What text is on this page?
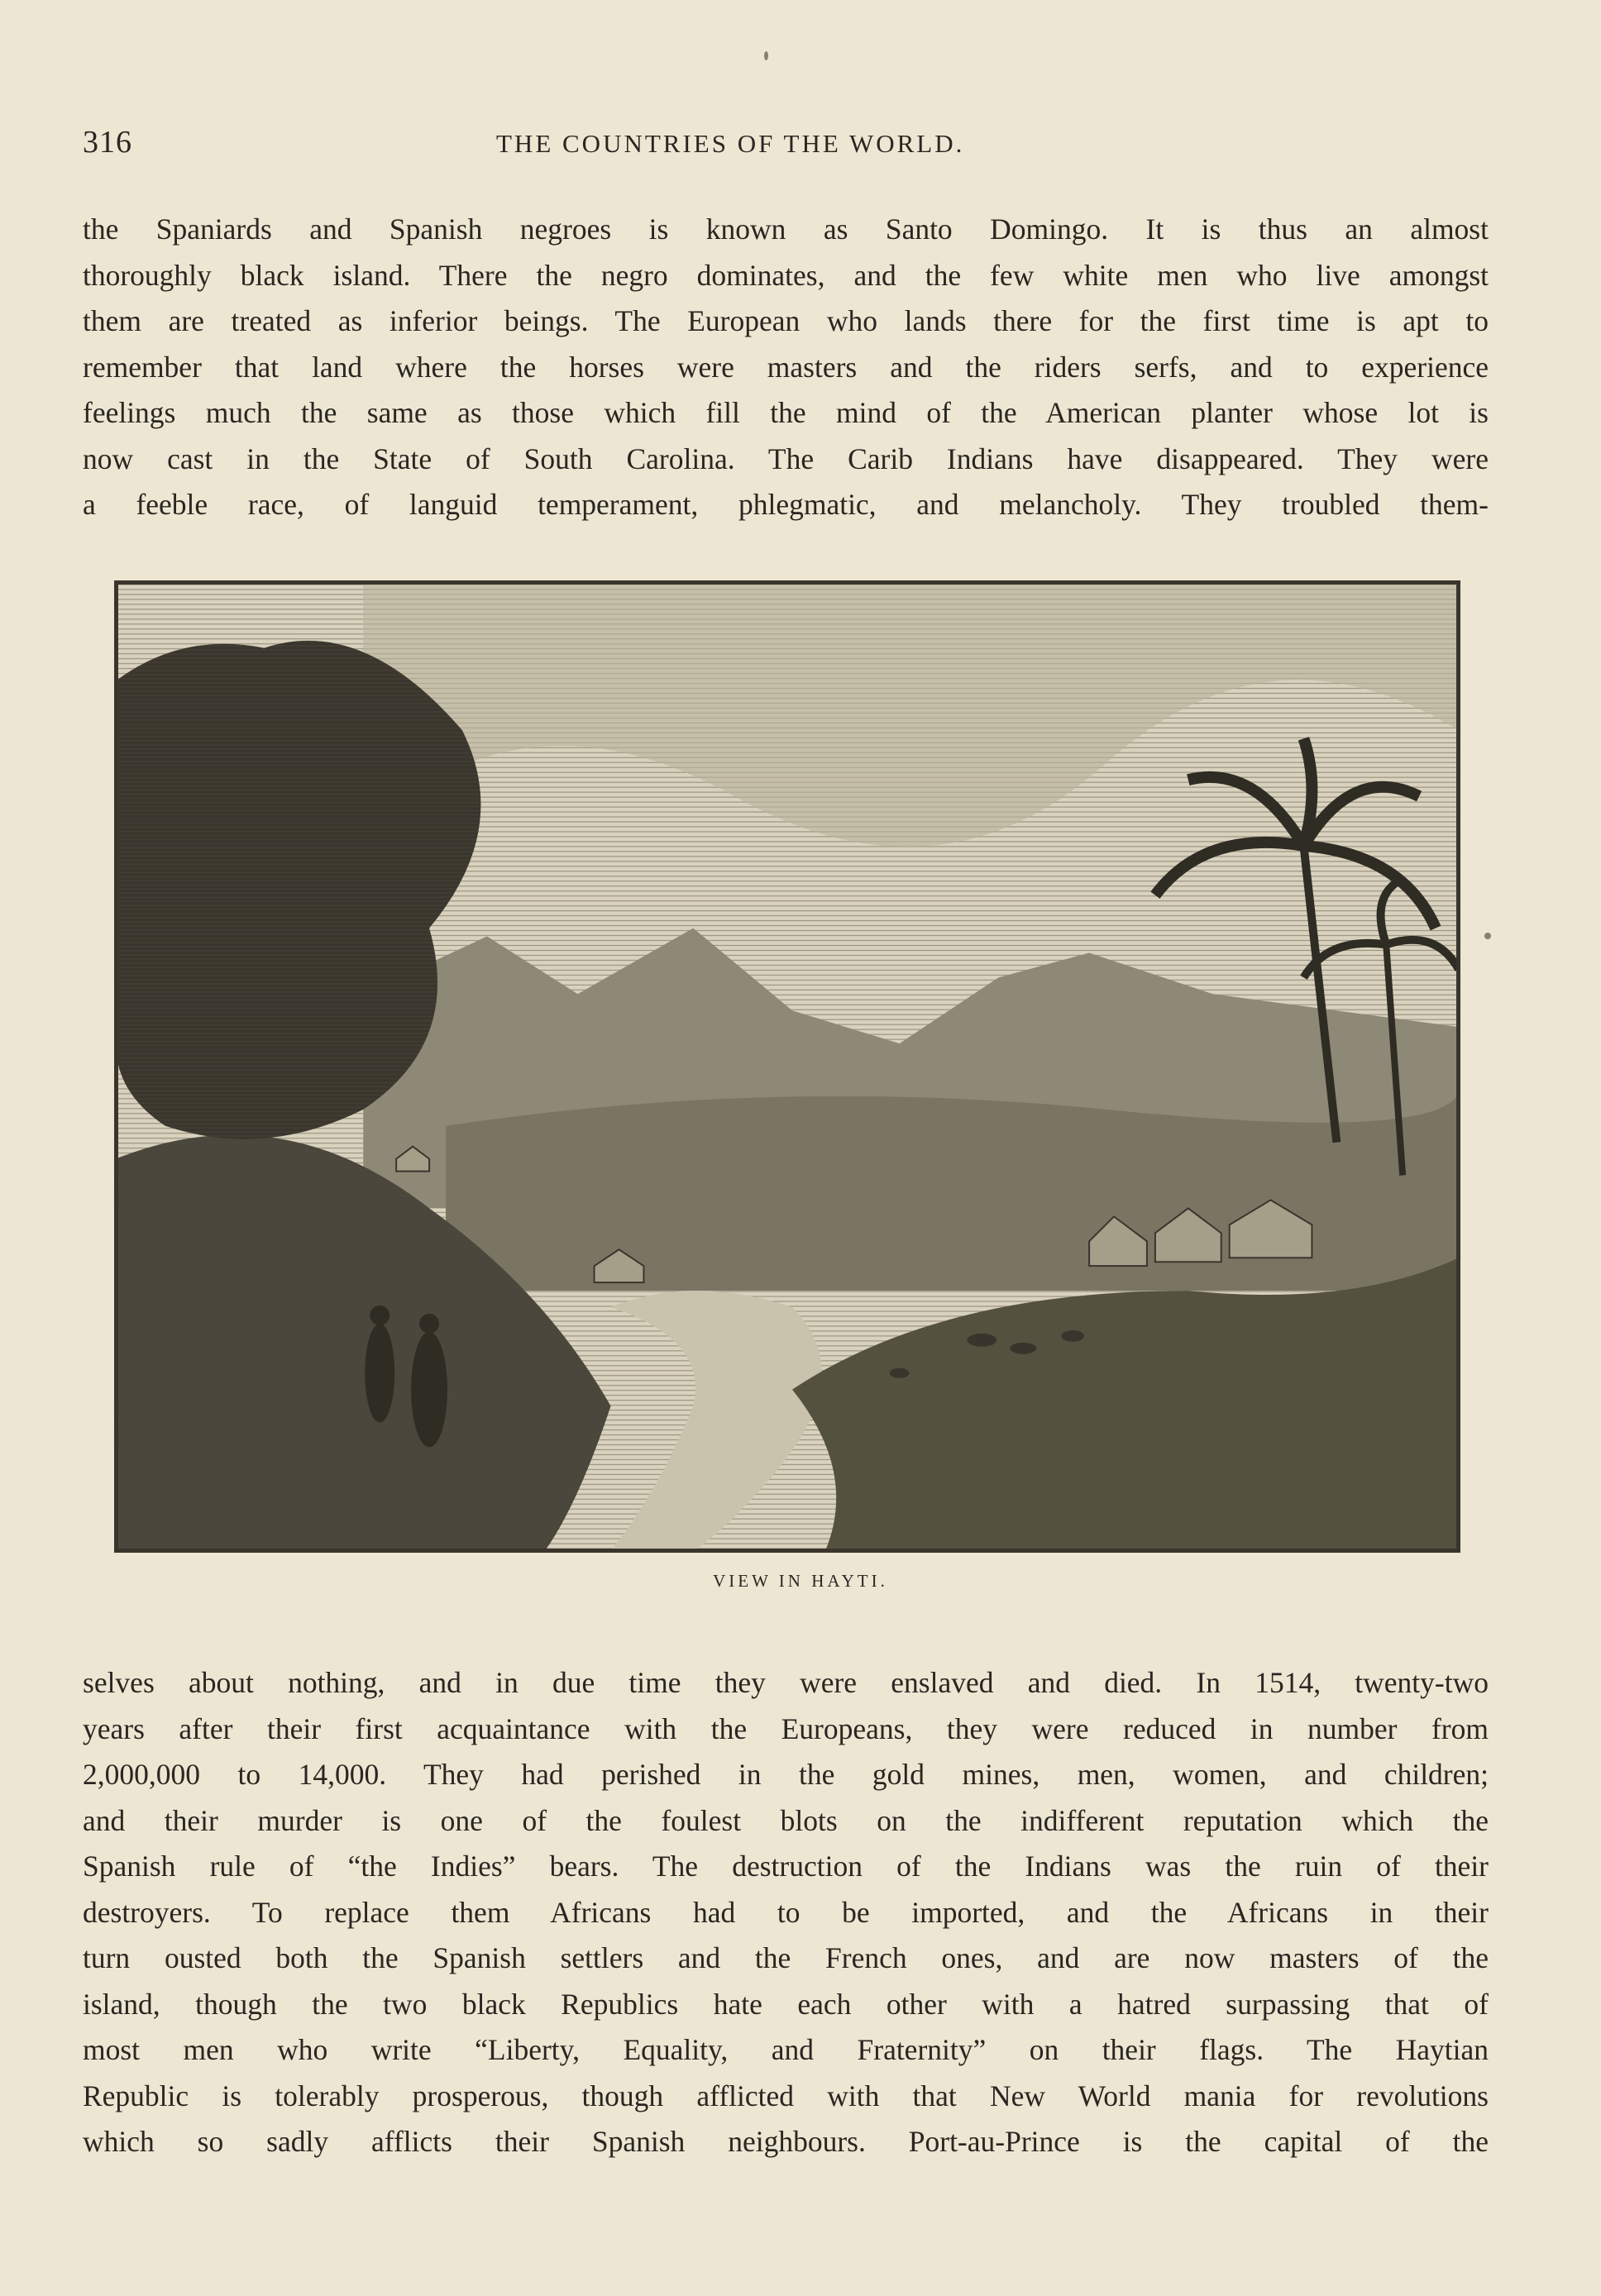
316	THE COUNTRIES OF THE WORLD.
the Spaniards and Spanish negroes is known as Santo Domingo. It is thus an almost
thoroughly black island. There the negro dominates, and the few white men who live amongst
them are treated as inferior beings. The European who lands there for the first time is apt to
remember that land where the horses were masters and the riders serfs, and to experience
feelings much the same as those which fill the mind of the American planter whose lot is
now cast in the State of South Carolina. The Carib Indians have disappeared. They were
a feeble race, of languid temperament, phlegmatic, and melancholy. They troubled them-
VIEW IN HAYTI.
selves about nothing, and in due time they were enslaved and died. In 1514, twenty-two
years after their first acquaintance with the Europeans, they were reduced in number from
2,000,000 to 14,000. They had perished in the gold mines, men, women, and children;
and their murder is one of the foulest blots on the indifferent reputation which the
Spanish rule of “the Indies” bears. The destruction of the Indians was the ruin of their
destroyers. To replace them Africans had to be imported, and the Africans in their
turn ousted both the Spanish settlers and the French ones, and are now masters of the
island, though the two black Republics hate each other with a hatred surpassing that of
most men who write “Liberty, Equality, and Fraternity” on their flags. The Haytian
Republic is tolerably prosperous, though afflicted with that New World mania for revolutions
which so sadly afflicts their Spanish neighbours. Port-au-Prince is the capital of the
